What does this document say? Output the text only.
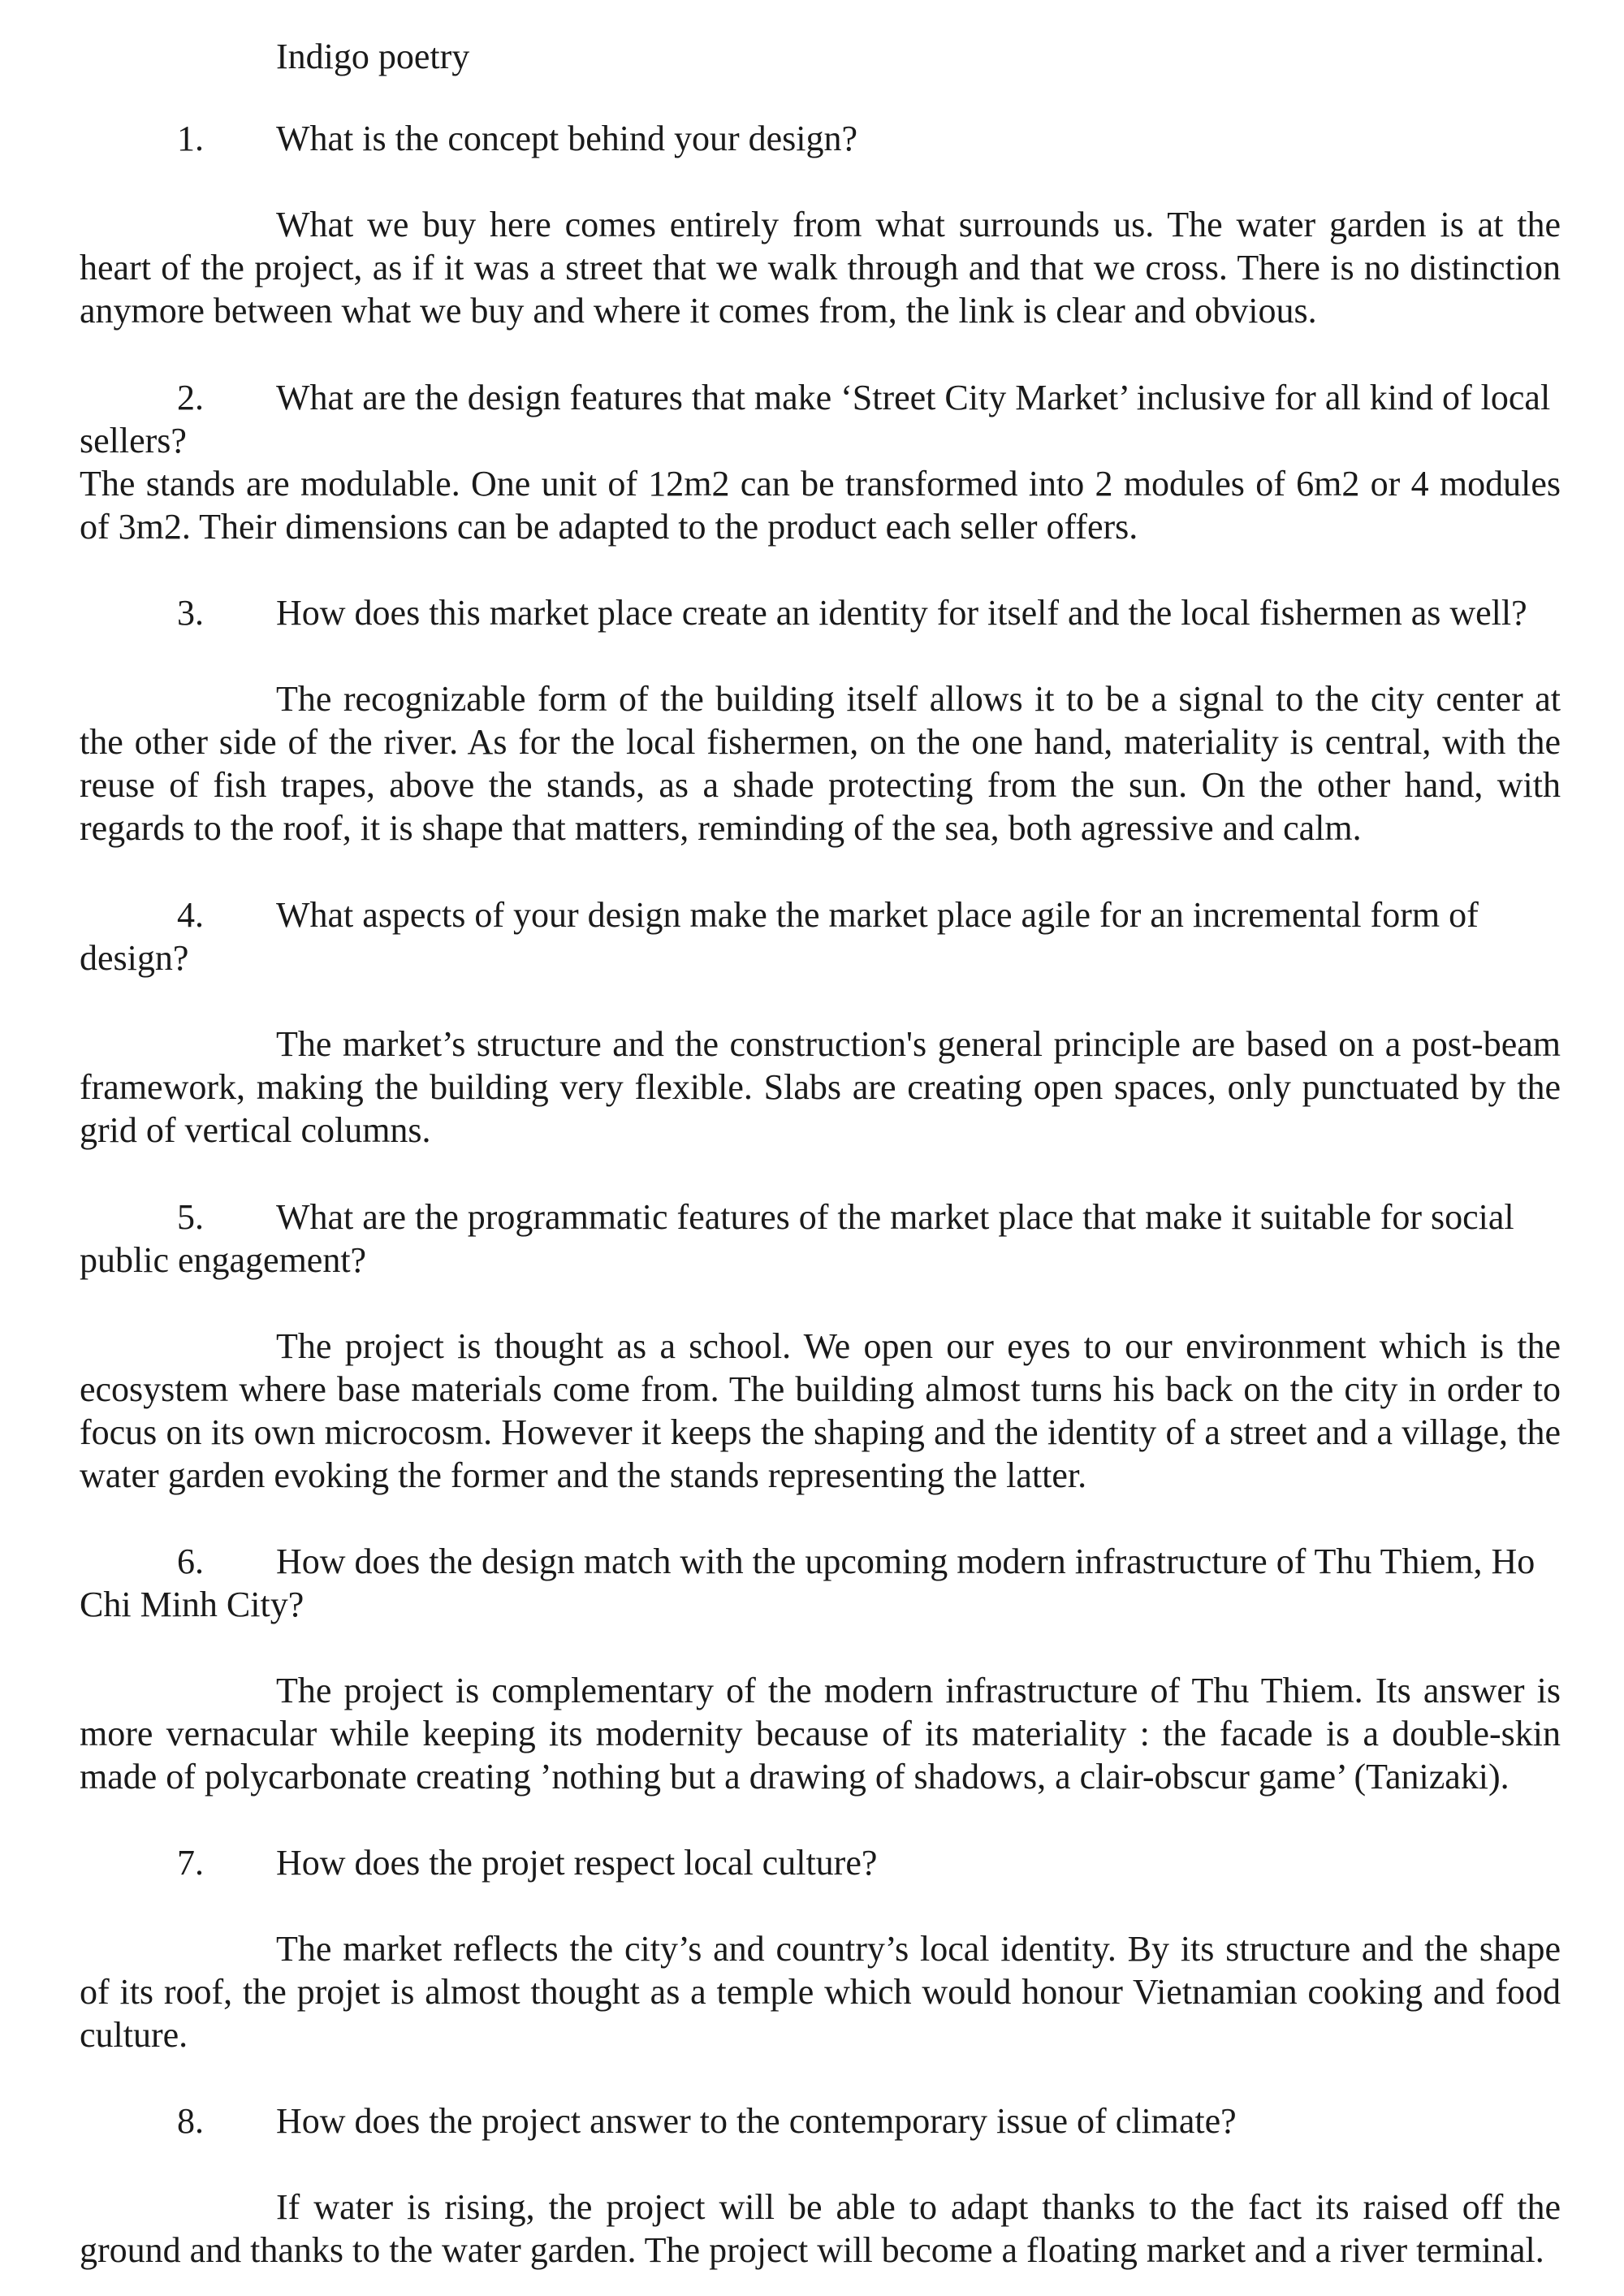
Indigo poetry
1.	What is the concept behind your design?

What we buy here comes entirely from what surrounds us. The water garden is at the heart of the project, as if it was a street that we walk through and that we cross. There is no distinction anymore between what we buy and where it comes from, the link is clear and obvious.

2.	What are the design features that make ‘Street City Market’ inclusive for all kind of local sellers?

The stands are modulable. One unit of 12m2 can be transformed into 2 modules of 6m2 or 4 modules of 3m2. Their dimensions can be adapted to the product each seller offers.

3.	How does this market place create an identity for itself and the local fishermen as well?

The recognizable form of the building itself allows it to be a signal to the city center at the other side of the river. As for the local fishermen, on the one hand, materiality is central, with the reuse of fish trapes, above the stands, as a shade protecting from the sun. On the other hand, with regards to the roof, it is shape that matters, reminding of the sea, both agressive and calm.

4.	What aspects of your design make the market place agile for an incremental form of design?

The market’s structure and the construction's general principle are based on a post-beam framework, making the building very flexible. Slabs are creating open spaces, only punctuated by the grid of vertical columns.

5.	What are the programmatic features of the market place that make it suitable for social public engagement?

The project is thought as a school. We open our eyes to our environment which is the ecosystem where base materials come from. The building almost turns his back on the city in order to focus on its own microcosm. However it keeps the shaping and the identity of a street and a village, the water garden evoking the former and the stands representing the latter.

6.	How does the design match with the upcoming modern infrastructure of Thu Thiem, Ho Chi Minh City?

The project is complementary of the modern infrastructure of Thu Thiem. Its answer is more vernacular while keeping its modernity because of its materiality : the facade is a double-skin made of polycarbonate creating ’nothing but a drawing of shadows, a clair-obscur game’ (Tanizaki).

7.	How does the projet respect local culture?

The market reflects the city’s and country’s local identity. By its structure and the shape of its roof, the projet is almost thought as a temple which would honour Vietnamian cooking and food culture.

8.	How does the project answer to the contemporary issue of climate?

If water is rising, the project will be able to adapt thanks to the fact its raised off the ground and thanks to the water garden. The project will become a floating market and a river terminal.
